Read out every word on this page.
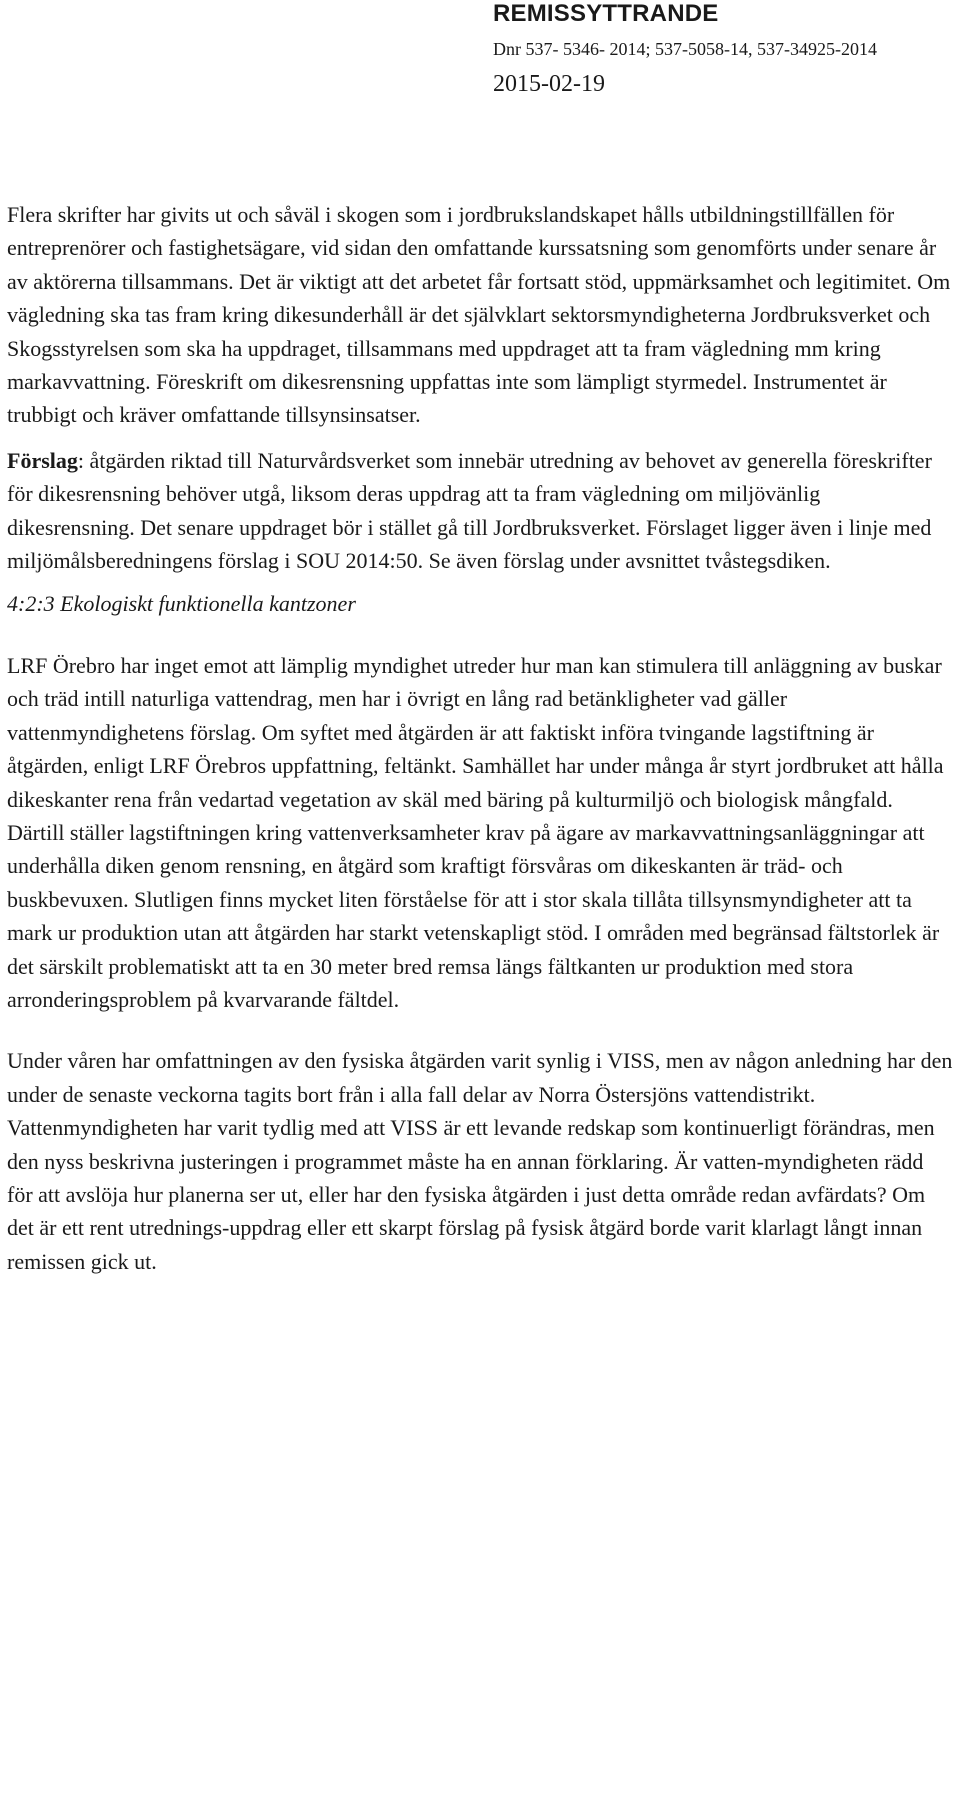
REMISSYTTRANDE
Dnr 537- 5346- 2014; 537-5058-14, 537-34925-2014
2015-02-19

Flera skrifter har givits ut och såväl i skogen som i jordbrukslandskapet hålls utbildningstillfällen för entreprenörer och fastighetsägare, vid sidan den omfattande kurssatsning som genomförts under senare år av aktörerna tillsammans. Det är viktigt att det arbetet får fortsatt stöd, uppmärksamhet och legitimitet. Om vägledning ska tas fram kring dikesunderhåll är det självklart sektorsmyndigheterna Jordbruksverket och Skogsstyrelsen som ska ha uppdraget, tillsammans med uppdraget att ta fram vägledning mm kring markavvattning. Föreskrift om dikesrensning uppfattas inte som lämpligt styrmedel. Instrumentet är trubbigt och kräver omfattande tillsynsinsatser.

Förslag: åtgärden riktad till Naturvårdsverket som innebär utredning av behovet av generella föreskrifter för dikesrensning behöver utgå, liksom deras uppdrag att ta fram vägledning om miljövänlig dikesrensning. Det senare uppdraget bör i stället gå till Jordbruksverket. Förslaget ligger även i linje med miljömålsberedningens förslag i SOU 2014:50. Se även förslag under avsnittet tvåstegsdiken.

4:2:3 Ekologiskt funktionella kantzoner

LRF Örebro har inget emot att lämplig myndighet utreder hur man kan stimulera till anläggning av buskar och träd intill naturliga vattendrag, men har i övrigt en lång rad betänkligheter vad gäller vattenmyndighetens förslag. Om syftet med åtgärden är att faktiskt införa tvingande lagstiftning är åtgärden, enligt LRF Örebros uppfattning, feltänkt. Samhället har under många år styrt jordbruket att hålla dikeskanter rena från vedartad vegetation av skäl med bäring på kulturmiljö och biologisk mångfald. Därtill ställer lagstiftningen kring vattenverksamheter krav på ägare av markavvattningsanläggningar att underhålla diken genom rensning, en åtgärd som kraftigt försvåras om dikeskanten är träd- och buskbevuxen. Slutligen finns mycket liten förståelse för att i stor skala tillåta tillsynsmyndigheter att ta mark ur produktion utan att åtgärden har starkt vetenskapligt stöd. I områden med begränsad fältstorlek är det särskilt problematiskt att ta en 30 meter bred remsa längs fältkanten ur produktion med stora arronderingsproblem på kvarvarande fältdel.

Under våren har omfattningen av den fysiska åtgärden varit synlig i VISS, men av någon anledning har den under de senaste veckorna tagits bort från i alla fall delar av Norra Östersjöns vattendistrikt. Vattenmyndigheten har varit tydlig med att VISS är ett levande redskap som kontinuerligt förändras, men den nyss beskrivna justeringen i programmet måste ha en annan förklaring. Är vatten-myndigheten rädd för att avslöja hur planerna ser ut, eller har den fysiska åtgärden i just detta område redan avfärdats? Om det är ett rent utrednings-uppdrag eller ett skarpt förslag på fysisk åtgärd borde varit klarlagt långt innan remissen gick ut.
